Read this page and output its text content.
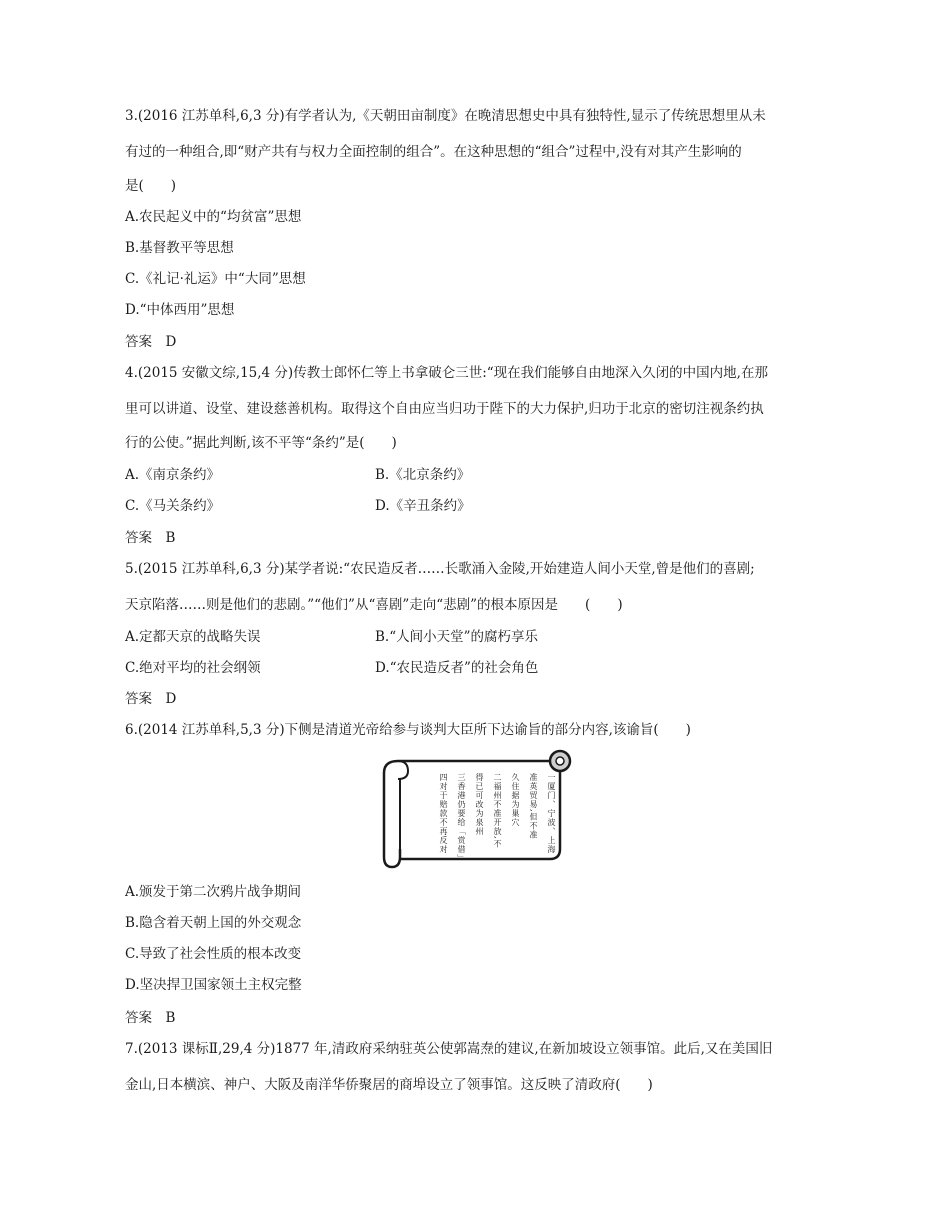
3.(2016 江苏单科,6,3 分)有学者认为,《天朝田亩制度》在晚清思想史中具有独特性,显示了传统思想里从未
有过的一种组合,即“财产共有与权力全面控制的组合”。在这种思想的“组合”过程中,没有对其产生影响的
是(　　)
A.农民起义中的“均贫富”思想
B.基督教平等思想
C.《礼记·礼运》中“大同”思想
D.“中体西用”思想
答案　D
4.(2015 安徽文综,15,4 分)传教士郎怀仁等上书拿破仑三世:“现在我们能够自由地深入久闭的中国内地,在那
里可以讲道、设堂、建设慈善机构。取得这个自由应当归功于陛下的大力保护,归功于北京的密切注视条约执
行的公使。”据此判断,该不平等“条约”是(　　)
A.《南京条约》	B.《北京条约》
C.《马关条约》	D.《辛丑条约》
答案　B
5.(2015 江苏单科,6,3 分)某学者说:“农民造反者……长歌涌入金陵,开始建造人间小天堂,曾是他们的喜剧;
天京陷落……则是他们的悲剧。”“他们”从“喜剧”走向“悲剧”的根本原因是　　(　　)
A.定都天京的战略失误	B.“人间小天堂”的腐朽享乐
C.绝对平均的社会纲领	D.“农民造反者”的社会角色
答案　D
6.(2014 江苏单科,5,3 分)下侧是清道光帝给参与谈判大臣所下达谕旨的部分内容,该谕旨(　　)
一厦门、宁波、上海
准英贸易,但不准
久住据为巢穴
二福州不准开放,不
得已可改为泉州
三香港仍要给「赏借」
四对于赔款不再反对
A.颁发于第二次鸦片战争期间
B.隐含着天朝上国的外交观念
C.导致了社会性质的根本改变
D.坚决捍卫国家领土主权完整
答案　B
7.(2013 课标Ⅱ,29,4 分)1877 年,清政府采纳驻英公使郭嵩焘的建议,在新加坡设立领事馆。此后,又在美国旧
金山,日本横滨、神户、大阪及南洋华侨聚居的商埠设立了领事馆。这反映了清政府(　　)
